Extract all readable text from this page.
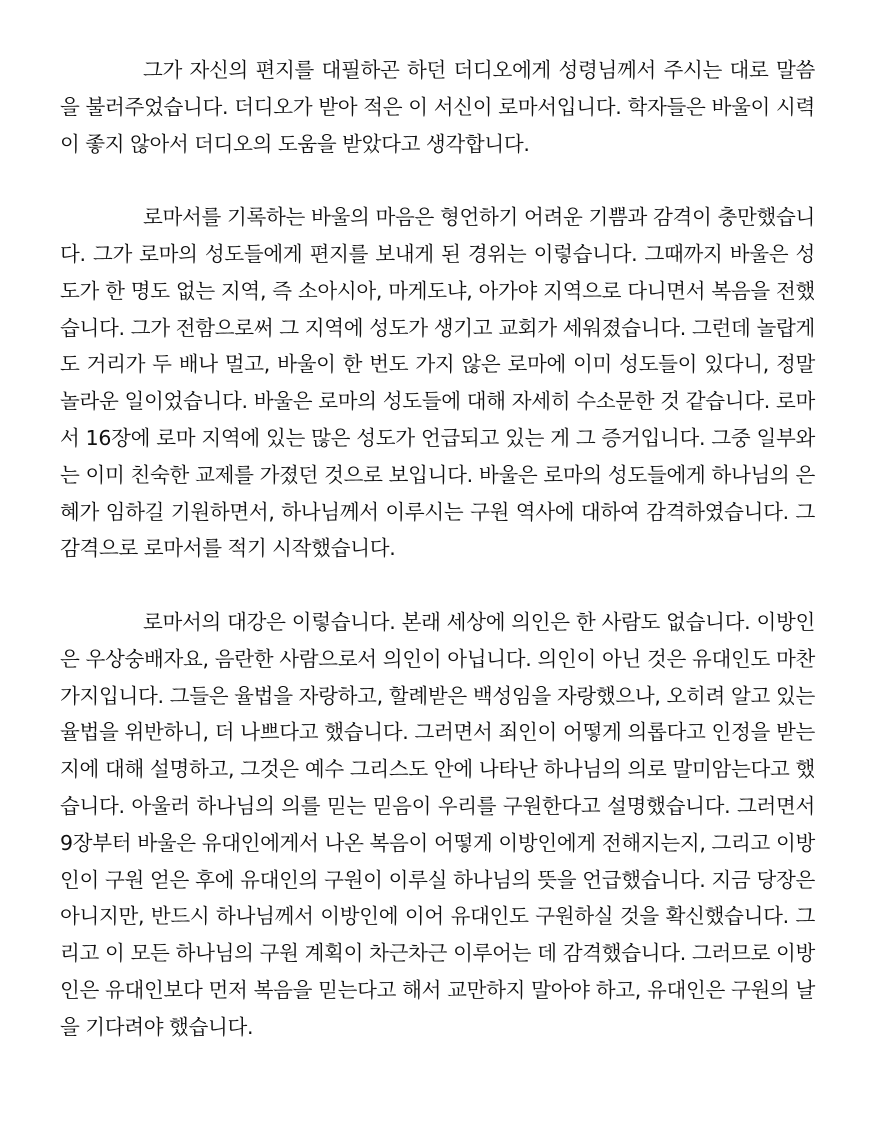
그가 자신의 편지를 대필하곤 하던 더디오에게 성령님께서 주시는 대로 말씀을 불러주었습니다. 더디오가 받아 적은 이 서신이 로마서입니다. 학자들은 바울이 시력이 좋지 않아서 더디오의 도움을 받았다고 생각합니다.

로마서를 기록하는 바울의 마음은 형언하기 어려운 기쁨과 감격이 충만했습니다. 그가 로마의 성도들에게 편지를 보내게 된 경위는 이렇습니다. 그때까지 바울은 성도가 한 명도 없는 지역, 즉 소아시아, 마게도냐, 아가야 지역으로 다니면서 복음을 전했습니다. 그가 전함으로써 그 지역에 성도가 생기고 교회가 세워졌습니다. 그런데 놀랍게도 거리가 두 배나 멀고, 바울이 한 번도 가지 않은 로마에 이미 성도들이 있다니, 정말 놀라운 일이었습니다. 바울은 로마의 성도들에 대해 자세히 수소문한 것 같습니다. 로마서 16장에 로마 지역에 있는 많은 성도가 언급되고 있는 게 그 증거입니다. 그중 일부와는 이미 친숙한 교제를 가졌던 것으로 보입니다. 바울은 로마의 성도들에게 하나님의 은혜가 임하길 기원하면서, 하나님께서 이루시는 구원 역사에 대하여 감격하였습니다. 그 감격으로 로마서를 적기 시작했습니다.

로마서의 대강은 이렇습니다. 본래 세상에 의인은 한 사람도 없습니다. 이방인은 우상숭배자요, 음란한 사람으로서 의인이 아닙니다. 의인이 아닌 것은 유대인도 마찬가지입니다. 그들은 율법을 자랑하고, 할례받은 백성임을 자랑했으나, 오히려 알고 있는 율법을 위반하니, 더 나쁘다고 했습니다. 그러면서 죄인이 어떻게 의롭다고 인정을 받는지에 대해 설명하고, 그것은 예수 그리스도 안에 나타난 하나님의 의로 말미암는다고 했습니다. 아울러 하나님의 의를 믿는 믿음이 우리를 구원한다고 설명했습니다. 그러면서 9장부터 바울은 유대인에게서 나온 복음이 어떻게 이방인에게 전해지는지, 그리고 이방인이 구원 얻은 후에 유대인의 구원이 이루실 하나님의 뜻을 언급했습니다. 지금 당장은 아니지만, 반드시 하나님께서 이방인에 이어 유대인도 구원하실 것을 확신했습니다. 그리고 이 모든 하나님의 구원 계획이 차근차근 이루어는 데 감격했습니다. 그러므로 이방인은 유대인보다 먼저 복음을 믿는다고 해서 교만하지 말아야 하고, 유대인은 구원의 날을 기다려야 했습니다.
